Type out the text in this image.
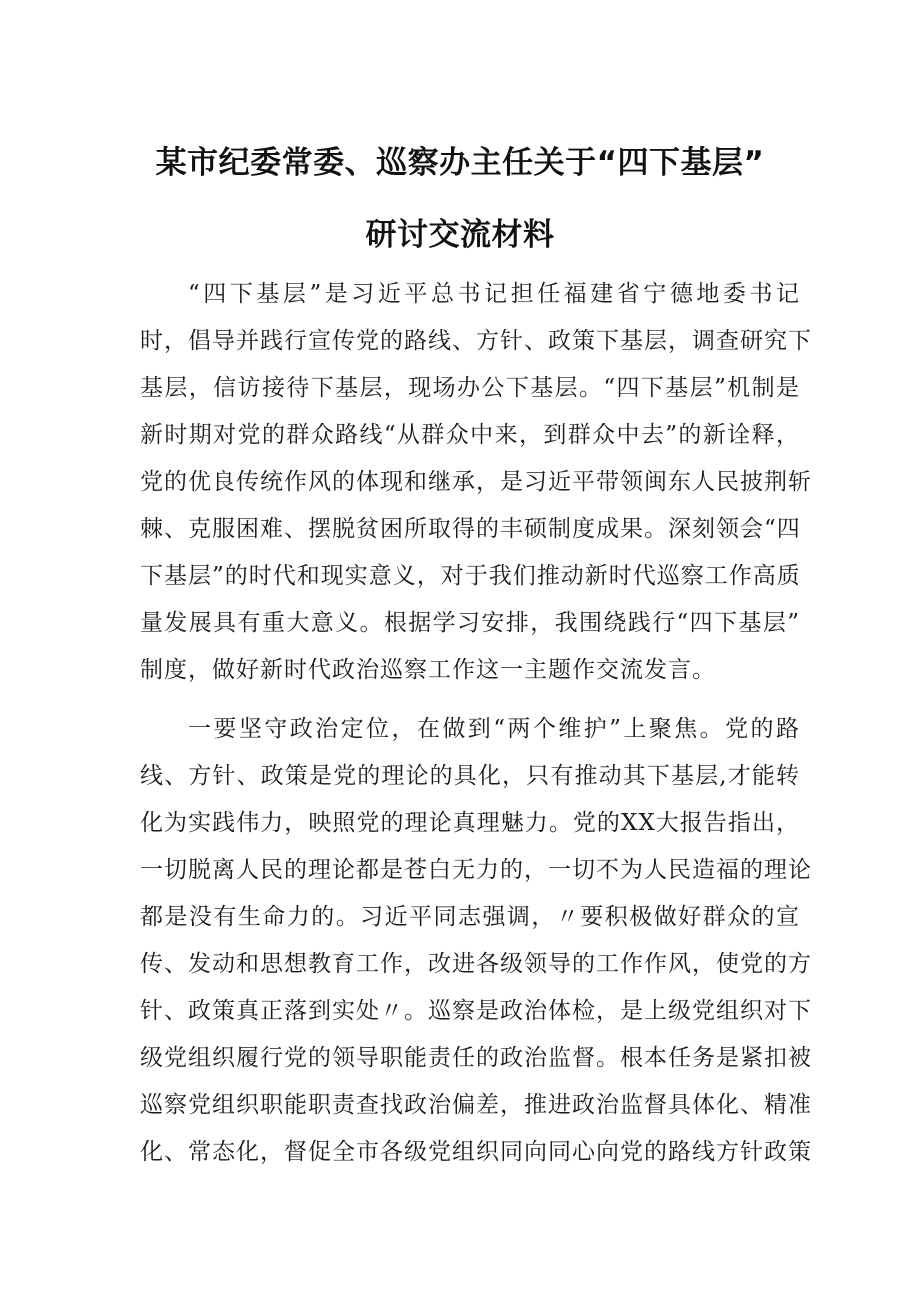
某市纪委常委、巡察办主任关于“四下基层”
研讨交流材料
“四下基层”是习近平总书记担任福建省宁德地委书记
时，倡导并践行宣传党的路线、方针、政策下基层，调查研究下
基层，信访接待下基层，现场办公下基层。“四下基层”机制是
新时期对党的群众路线“从群众中来，到群众中去”的新诠释，
党的优良传统作风的体现和继承，是习近平带领闽东人民披荆斩
棘、克服困难、摆脱贫困所取得的丰硕制度成果。深刻领会“四
下基层”的时代和现实意义，对于我们推动新时代巡察工作高质
量发展具有重大意义。根据学习安排，我围绕践行“四下基层”
制度，做好新时代政治巡察工作这一主题作交流发言。
一要坚守政治定位，在做到“两个维护”上聚焦。党的路
线、方针、政策是党的理论的具化，只有推动其下基层,才能转
化为实践伟力，映照党的理论真理魅力。党的XX大报告指出，
一切脱离人民的理论都是苍白无力的，一切不为人民造福的理论
都是没有生命力的。习近平同志强调，〃要积极做好群众的宣
传、发动和思想教育工作，改进各级领导的工作作风，使党的方
针、政策真正落到实处〃。巡察是政治体检，是上级党组织对下
级党组织履行党的领导职能责任的政治监督。根本任务是紧扣被
巡察党组织职能职责查找政治偏差，推进政治监督具体化、精准
化、常态化，督促全市各级党组织同向同心向党的路线方针政策
